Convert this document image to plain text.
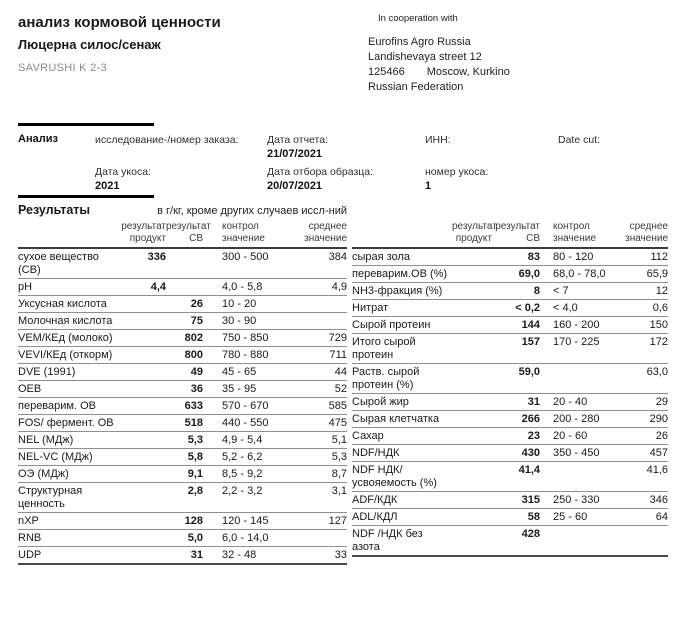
анализ кормовой ценности
Люцерна силос/сенаж
SAVRUSHI K 2-3
In cooperation with
Eurofins Agro Russia
Landishevaya street 12
125466 Moscow, Kurkino
Russian Federation
Анализ	исследование-/номер заказа:	Дата отчета:
21/07/2021
ИНН:	Date cut:
Дата укоса:
2021
Дата отбора образца:
20/07/2021
номер укоса:
1
Результаты	в г/кг, кроме других случаев иссл-ний

результат
продукт

результат
СВ

контрол
значение

среднее
значение

сухое вещество (СВ)	336		300 - 500	384
pH	4,4		4,0 - 5,8	4,9
Уксусная кислота		26	10 - 20	
Молочная кислота		75	30 - 90	
VEM/КЕд (молоко)		802	750 - 850	729
VEVI/КЕд (откорм)		800	780 - 880	711
DVE (1991)		49	45 - 65	44
OEB		36	35 - 95	52
переварим. ОВ		633	570 - 670	585
FOS/ фермент. ОВ		518	440 - 550	475
NEL (МДж)		5,3	4,9 - 5,4	5,1
NEL-VC (МДж)		5,8	5,2 - 6,2	5,3
ОЭ (МДж)		9,1	8,5 - 9,2	8,7
Структурная ценность		2,8	2,2 - 3,2	3,1
nXP		128	120 - 145	127
RNB		5,0	6,0 - 14,0	
UDP		31	32 - 48	33

результат
продукт

результат
СВ

контрол
значение

среднее
значение

сырая зола		83	80 - 120	112
переварим.ОВ (%)		69,0	68,0 - 78,0	65,9
NH3-фракция (%)		8	< 7	12
Нитрат		< 0,2	< 4,0	0,6
Сырой протеин		144	160 - 200	150
Итого сырой протеин		157	170 - 225	172
Раств. сырой протеин (%)		59,0		63,0
Сырой жир		31	20 - 40	29
Сырая клетчатка		266	200 - 280	290
Сахар		23	20 - 60	26
NDF/НДК		430	350 - 450	457
NDF НДК/усвояемость (%)		41,4		41,6
ADF/КДК		315	250 - 330	346
ADL/КДЛ		58	25 - 60	64
NDF /НДК без азота		428		
